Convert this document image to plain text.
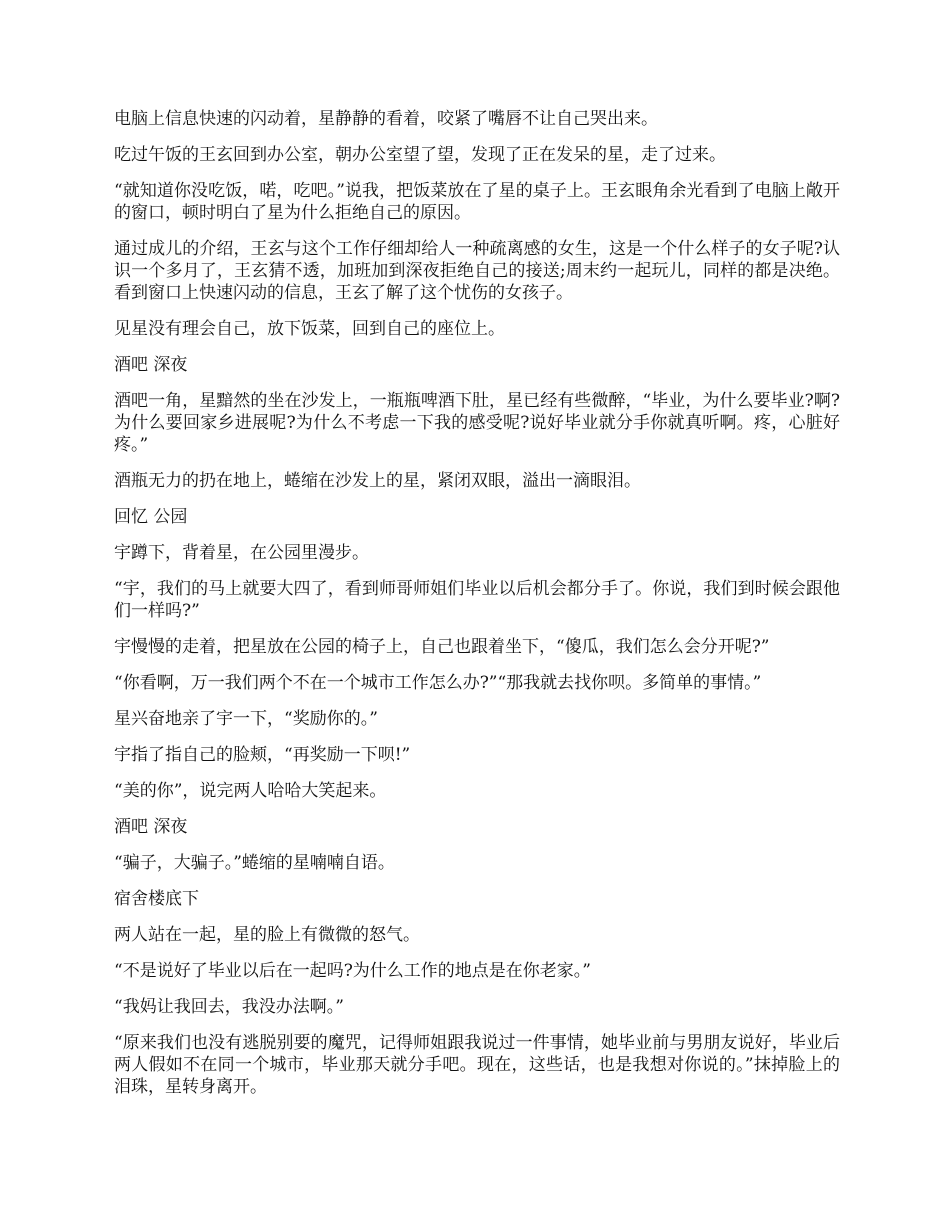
电脑上信息快速的闪动着，星静静的看着，咬紧了嘴唇不让自己哭出来。

吃过午饭的王玄回到办公室，朝办公室望了望，发现了正在发呆的星，走了过来。

“就知道你没吃饭，喏，吃吧。”说我，把饭菜放在了星的桌子上。王玄眼角余光看到了电脑上敞开的窗口，顿时明白了星为什么拒绝自己的原因。

通过成儿的介绍，王玄与这个工作仔细却给人一种疏离感的女生，这是一个什么样子的女子呢?认识一个多月了，王玄猜不透，加班加到深夜拒绝自己的接送;周末约一起玩儿，同样的都是决绝。看到窗口上快速闪动的信息，王玄了解了这个忧伤的女孩子。

见星没有理会自己，放下饭菜，回到自己的座位上。

酒吧 深夜

酒吧一角，星黯然的坐在沙发上，一瓶瓶啤酒下肚，星已经有些微醉，“毕业，为什么要毕业?啊?为什么要回家乡进展呢?为什么不考虑一下我的感受呢?说好毕业就分手你就真听啊。疼，心脏好疼。”

酒瓶无力的扔在地上，蜷缩在沙发上的星，紧闭双眼，溢出一滴眼泪。

回忆 公园

宇蹲下，背着星，在公园里漫步。

“宇，我们的马上就要大四了，看到师哥师姐们毕业以后机会都分手了。你说，我们到时候会跟他们一样吗?”

宇慢慢的走着，把星放在公园的椅子上，自己也跟着坐下，“傻瓜，我们怎么会分开呢?”

“你看啊，万一我们两个不在一个城市工作怎么办?”“那我就去找你呗。多简单的事情。”

星兴奋地亲了宇一下，“奖励你的。”

宇指了指自己的脸颊，“再奖励一下呗!”

“美的你”，说完两人哈哈大笑起来。

酒吧 深夜

“骗子，大骗子。”蜷缩的星喃喃自语。

宿舍楼底下

两人站在一起，星的脸上有微微的怒气。

“不是说好了毕业以后在一起吗?为什么工作的地点是在你老家。”

“我妈让我回去，我没办法啊。”

“原来我们也没有逃脱别要的魔咒，记得师姐跟我说过一件事情，她毕业前与男朋友说好，毕业后两人假如不在同一个城市，毕业那天就分手吧。现在，这些话，也是我想对你说的。”抹掉脸上的泪珠，星转身离开。
